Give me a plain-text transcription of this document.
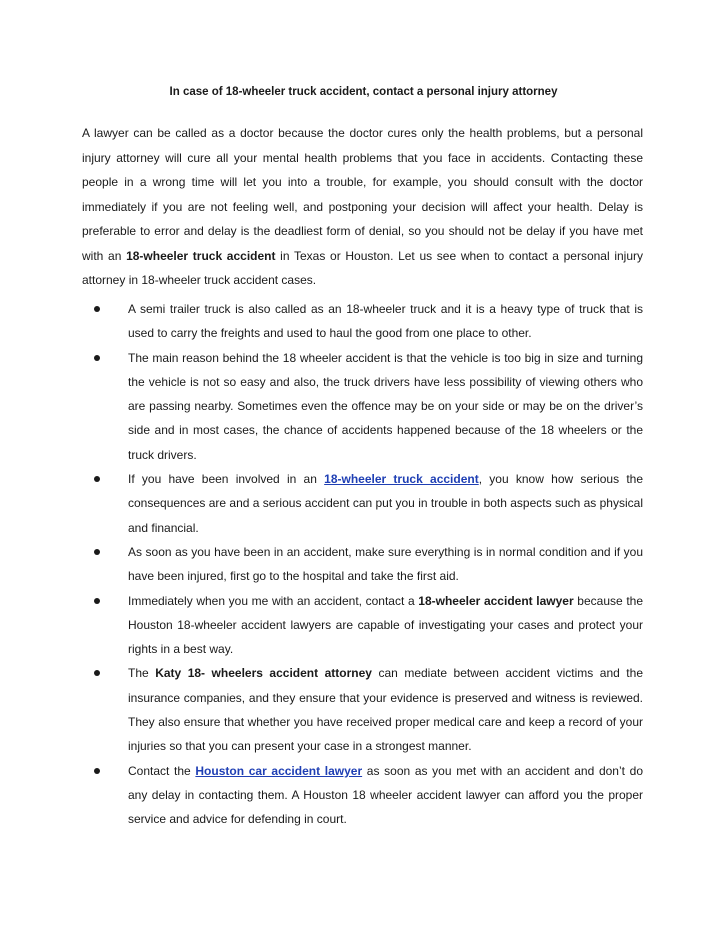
In case of 18-wheeler truck accident, contact a personal injury attorney

A lawyer can be called as a doctor because the doctor cures only the health problems, but a personal injury attorney will cure all your mental health problems that you face in accidents. Contacting these people in a wrong time will let you into a trouble, for example, you should consult with the doctor immediately if you are not feeling well, and postponing your decision will affect your health. Delay is preferable to error and delay is the deadliest form of denial, so you should not be delay if you have met with an 18-wheeler truck accident in Texas or Houston. Let us see when to contact a personal injury attorney in 18-wheeler truck accident cases.

A semi trailer truck is also called as an 18-wheeler truck and it is a heavy type of truck that is used to carry the freights and used to haul the good from one place to other.
The main reason behind the 18 wheeler accident is that the vehicle is too big in size and turning the vehicle is not so easy and also, the truck drivers have less possibility of viewing others who are passing nearby. Sometimes even the offence may be on your side or may be on the driver’s side and in most cases, the chance of accidents happened because of the 18 wheelers or the truck drivers.
If you have been involved in an 18-wheeler truck accident, you know how serious the consequences are and a serious accident can put you in trouble in both aspects such as physical and financial.
As soon as you have been in an accident, make sure everything is in normal condition and if you have been injured, first go to the hospital and take the first aid.
Immediately when you me with an accident, contact a 18-wheeler accident lawyer because the Houston 18-wheeler accident lawyers are capable of investigating your cases and protect your rights in a best way.
The Katy 18- wheelers accident attorney can mediate between accident victims and the insurance companies, and they ensure that your evidence is preserved and witness is reviewed. They also ensure that whether you have received proper medical care and keep a record of your injuries so that you can present your case in a strongest manner.
Contact the Houston car accident lawyer as soon as you met with an accident and don’t do any delay in contacting them. A Houston 18 wheeler accident lawyer can afford you the proper service and advice for defending in court.
